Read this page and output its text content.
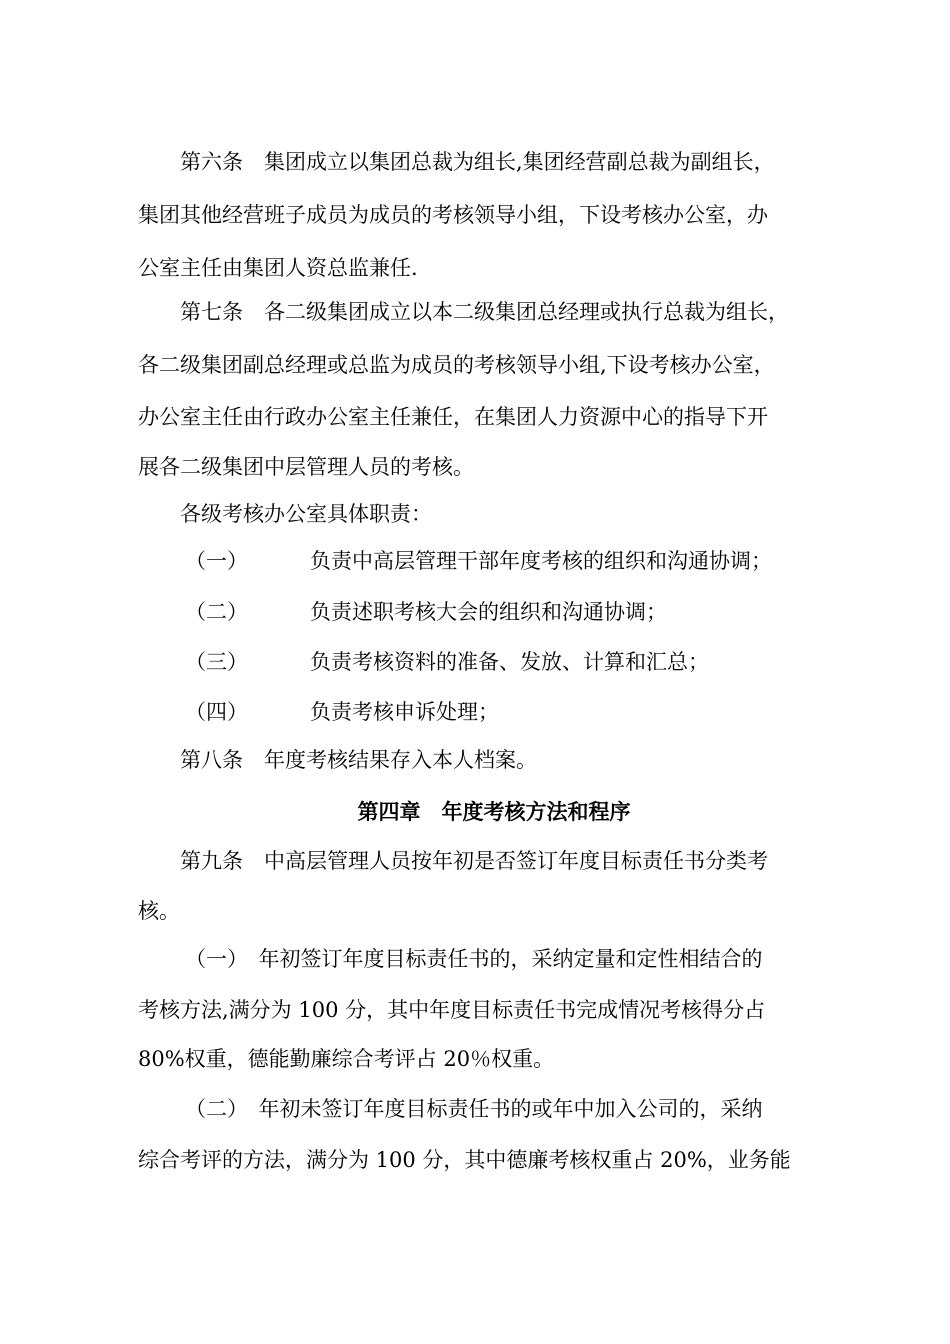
第六条　集团成立以集团总裁为组长,集团经营副总裁为副组长，
集团其他经营班子成员为成员的考核领导小组，下设考核办公室，办
公室主任由集团人资总监兼任.
第七条　各二级集团成立以本二级集团总经理或执行总裁为组长，
各二级集团副总经理或总监为成员的考核领导小组,下设考核办公室，
办公室主任由行政办公室主任兼任，在集团人力资源中心的指导下开
展各二级集团中层管理人员的考核。
各级考核办公室具体职责：
（一）	负责中高层管理干部年度考核的组织和沟通协调；
（二）	负责述职考核大会的组织和沟通协调；
（三）	负责考核资料的准备、发放、计算和汇总；
（四）	负责考核申诉处理；
第八条　年度考核结果存入本人档案。
第四章　年度考核方法和程序
第九条　中高层管理人员按年初是否签订年度目标责任书分类考
核。
（一）　年初签订年度目标责任书的，采纳定量和定性相结合的
考核方法,满分为 100 分，其中年度目标责任书完成情况考核得分占
80%权重，德能勤廉综合考评占 20％权重。
（二）　年初未签订年度目标责任书的或年中加入公司的，采纳
综合考评的方法，满分为 100 分，其中德廉考核权重占 20%，业务能
